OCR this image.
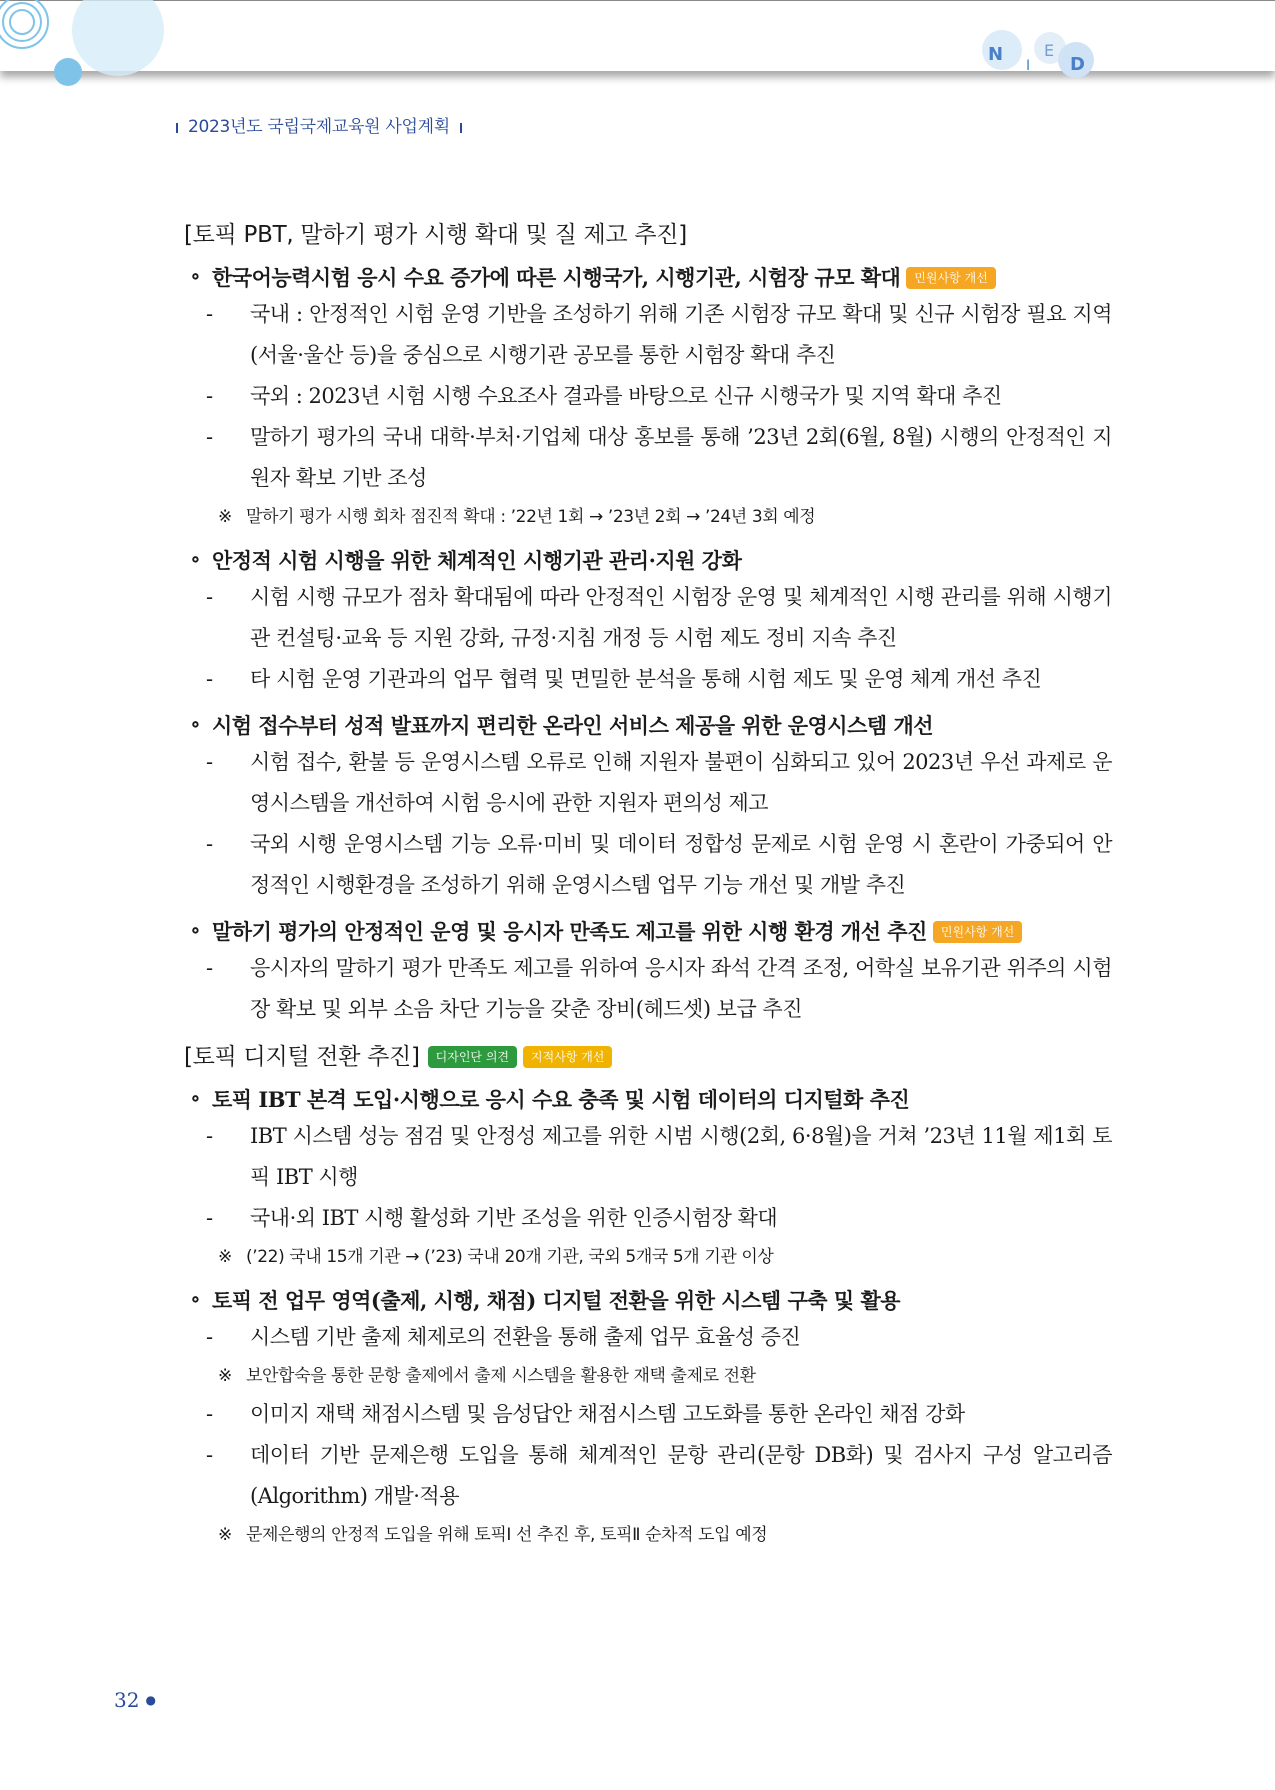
N
I
E
D
2023년도 국립국제교육원 사업계획
[토픽 PBT, 말하기 평가 시행 확대 및 질 제고 추진]
∘ 한국어능력시험 응시 수요 증가에 따른 시행국가, 시행기관, 시험장 규모 확대 민원사항 개선
- 국내 : 안정적인 시험 운영 기반을 조성하기 위해 기존 시험장 규모 확대 및 신규 시험장 필요 지역(서울·울산 등)을 중심으로 시행기관 공모를 통한 시험장 확대 추진
- 국외 : 2023년 시험 시행 수요조사 결과를 바탕으로 신규 시행국가 및 지역 확대 추진
- 말하기 평가의 국내 대학·부처·기업체 대상 홍보를 통해 ’23년 2회(6월, 8월) 시행의 안정적인 지원자 확보 기반 조성
※ 말하기 평가 시행 회차 점진적 확대 : ’22년 1회 → ’23년 2회 → ’24년 3회 예정
∘ 안정적 시험 시행을 위한 체계적인 시행기관 관리·지원 강화
- 시험 시행 규모가 점차 확대됨에 따라 안정적인 시험장 운영 및 체계적인 시행 관리를 위해 시행기관 컨설팅·교육 등 지원 강화, 규정·지침 개정 등 시험 제도 정비 지속 추진
- 타 시험 운영 기관과의 업무 협력 및 면밀한 분석을 통해 시험 제도 및 운영 체계 개선 추진
∘ 시험 접수부터 성적 발표까지 편리한 온라인 서비스 제공을 위한 운영시스템 개선
- 시험 접수, 환불 등 운영시스템 오류로 인해 지원자 불편이 심화되고 있어 2023년 우선 과제로 운영시스템을 개선하여 시험 응시에 관한 지원자 편의성 제고
- 국외 시행 운영시스템 기능 오류·미비 및 데이터 정합성 문제로 시험 운영 시 혼란이 가중되어 안정적인 시행환경을 조성하기 위해 운영시스템 업무 기능 개선 및 개발 추진
∘ 말하기 평가의 안정적인 운영 및 응시자 만족도 제고를 위한 시행 환경 개선 추진 민원사항 개선
- 응시자의 말하기 평가 만족도 제고를 위하여 응시자 좌석 간격 조정, 어학실 보유기관 위주의 시험장 확보 및 외부 소음 차단 기능을 갖춘 장비(헤드셋) 보급 추진
[토픽 디지털 전환 추진] 디자인단 의견 지적사항 개선
∘ 토픽 IBT 본격 도입·시행으로 응시 수요 충족 및 시험 데이터의 디지털화 추진
- IBT 시스템 성능 점검 및 안정성 제고를 위한 시범 시행(2회, 6·8월)을 거쳐 ’23년 11월 제1회 토픽 IBT 시행
- 국내·외 IBT 시행 활성화 기반 조성을 위한 인증시험장 확대
※ (’22) 국내 15개 기관 → (’23) 국내 20개 기관, 국외 5개국 5개 기관 이상
∘ 토픽 전 업무 영역(출제, 시행, 채점) 디지털 전환을 위한 시스템 구축 및 활용
- 시스템 기반 출제 체제로의 전환을 통해 출제 업무 효율성 증진
※ 보안합숙을 통한 문항 출제에서 출제 시스템을 활용한 재택 출제로 전환
- 이미지 재택 채점시스템 및 음성답안 채점시스템 고도화를 통한 온라인 채점 강화
- 데이터 기반 문제은행 도입을 통해 체계적인 문항 관리(문항 DB화) 및 검사지 구성 알고리즘 (Algorithm) 개발·적용
※ 문제은행의 안정적 도입을 위해 토픽Ⅰ 선 추진 후, 토픽Ⅱ 순차적 도입 예정
32 ●
